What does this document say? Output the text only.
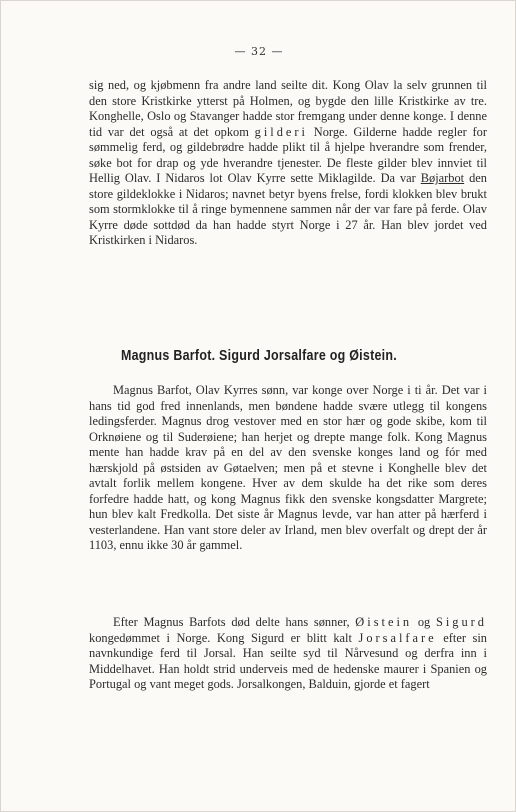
— 32 —

sig ned, og kjøbmenn fra andre land seilte dit. Kong Olav la selv grunnen til den store Kristkirke ytterst på Holmen, og bygde den lille Kristkirke av tre. Konghelle, Oslo og Stavanger hadde stor fremgang under denne konge. I denne tid var det også at det opkom gilderi Norge. Gilderne hadde regler for sømmelig ferd, og gildebrødre hadde plikt til å hjelpe hverandre som frender, søke bot for drap og yde hverandre tjenester. De fleste gilder blev innviet til Hellig Olav. I Nidaros lot Olav Kyrre sette Miklagilde. Da var Bøjarbot den store gildeklokke i Nidaros; navnet betyr byens frelse, fordi klokken blev brukt som stormklokke til å ringe bymennene sammen når der var fare på ferde. Olav Kyrre døde sottdød da han hadde styrt Norge i 27 år. Han blev jordet ved Kristkirken i Nidaros.

Magnus Barfot. Sigurd Jorsalfare og Øistein.

Magnus Barfot, Olav Kyrres sønn, var konge over Norge i ti år. Det var i hans tid god fred innenlands, men bøndene hadde svære utlegg til kongens ledingsferder. Magnus drog vestover med en stor hær og gode skibe, kom til Orknøiene og til Suderøiene; han herjet og drepte mange folk. Kong Magnus mente han hadde krav på en del av den svenske konges land og fór med hærskjold på østsiden av Gøtaelven; men på et stevne i Konghelle blev det avtalt forlik mellem kongene. Hver av dem skulde ha det rike som deres forfedre hadde hatt, og kong Magnus fikk den svenske kongsdatter Margrete; hun blev kalt Fredkolla. Det siste år Magnus levde, var han atter på hærferd i vesterlandene. Han vant store deler av Irland, men blev overfalt og drept der år 1103, ennu ikke 30 år gammel.

Efter Magnus Barfots død delte hans sønner, Øistein og Sigurd kongedømmet i Norge. Kong Sigurd er blitt kalt Jorsalfare efter sin navnkundige ferd til Jorsal. Han seilte syd til Nårvesund og derfra inn i Middelhavet. Han holdt strid underveis med de hedenske maurer i Spanien og Portugal og vant meget gods. Jorsalkongen, Balduin, gjorde et fagert
